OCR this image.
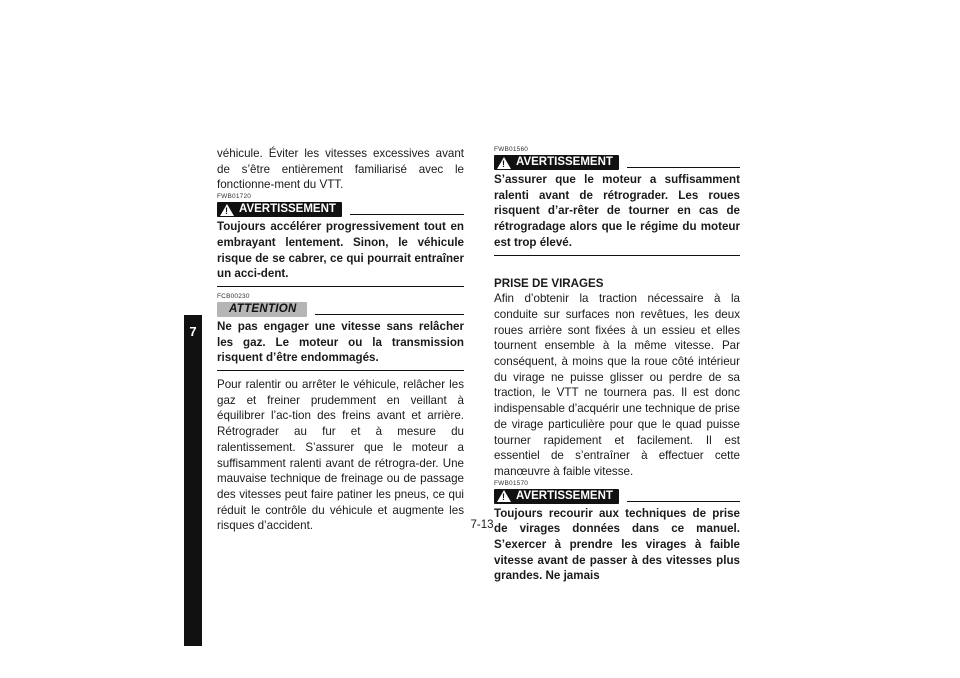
7

véhicule. Éviter les vitesses excessives avant de s’être entièrement familiarisé avec le fonctionne-ment du VTT.

FWB01720

! AVERTISSEMENT

Toujours accélérer progressivement tout en embrayant lentement. Sinon, le véhicule risque de se cabrer, ce qui pourrait entraîner un acci-dent.

FCB00230

ATTENTION

Ne pas engager une vitesse sans relâcher les gaz. Le moteur ou la transmission risquent d’être endommagés.

Pour ralentir ou arrêter le véhicule, relâcher les gaz et freiner prudemment en veillant à équilibrer l’ac-tion des freins avant et arrière. Rétrograder au fur et à mesure du ralentissement. S’assurer que le moteur a suffisamment ralenti avant de rétrogra-der. Une mauvaise technique de freinage ou de passage des vitesses peut faire patiner les pneus, ce qui réduit le contrôle du véhicule et augmente les risques d’accident.

FWB01560

! AVERTISSEMENT

S’assurer que le moteur a suffisamment ralenti avant de rétrograder. Les roues risquent d’ar-rêter de tourner en cas de rétrogradage alors que le régime du moteur est trop élevé.

PRISE DE VIRAGES

Afin d’obtenir la traction nécessaire à la conduite sur surfaces non revêtues, les deux roues arrière sont fixées à un essieu et elles tournent ensemble à la même vitesse. Par conséquent, à moins que la roue côté intérieur du virage ne puisse glisser ou perdre de sa traction, le VTT ne tournera pas. Il est donc indispensable d’acquérir une technique de prise de virage particulière pour que le quad puisse tourner rapidement et facilement. Il est essentiel de s’entraîner à effectuer cette manœuvre à faible vitesse.

FWB01570

! AVERTISSEMENT

Toujours recourir aux techniques de prise de virages données dans ce manuel. S’exercer à prendre les virages à faible vitesse avant de passer à des vitesses plus grandes. Ne jamais

7-13
